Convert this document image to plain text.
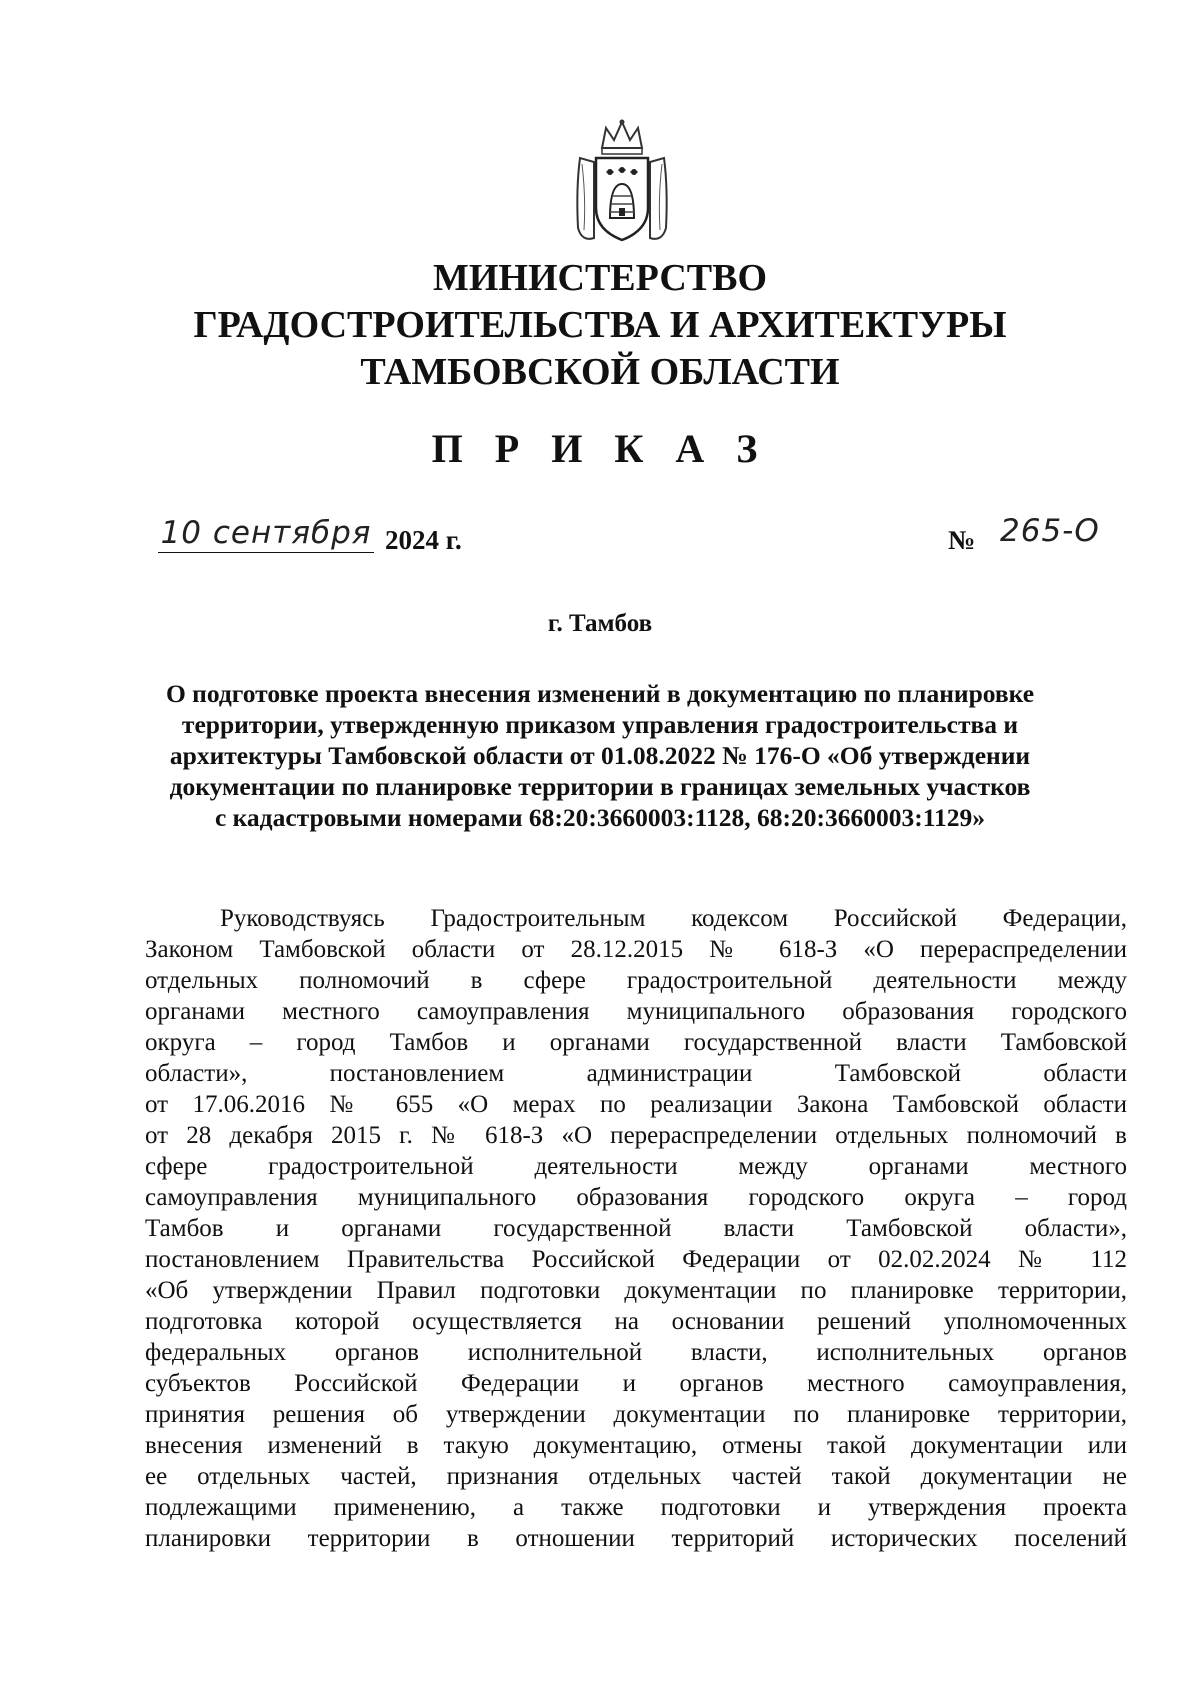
МИНИСТЕРСТВО
ГРАДОСТРОИТЕЛЬСТВА И АРХИТЕКТУРЫ
ТАМБОВСКОЙ ОБЛАСТИ
П Р И К А З
10 сентября 2024 г.	№ 265-О
г. Тамбов
О подготовке проекта внесения изменений в документацию по планировке
территории, утвержденную приказом управления градостроительства и
архитектуры Тамбовской области от 01.08.2022 № 176-О «Об утверждении
документации по планировке территории в границах земельных участков
с кадастровыми номерами 68:20:3660003:1128, 68:20:3660003:1129»
Руководствуясь Градостроительным кодексом Российской Федерации,
Законом Тамбовской области от 28.12.2015 № 618-З «О перераспределении
отдельных полномочий в сфере градостроительной деятельности между
органами местного самоуправления муниципального образования городского
округа – город Тамбов и органами государственной власти Тамбовской
области», постановлением администрации Тамбовской области
от 17.06.2016 № 655 «О мерах по реализации Закона Тамбовской области
от 28 декабря 2015 г. № 618-З «О перераспределении отдельных полномочий в
сфере градостроительной деятельности между органами местного
самоуправления муниципального образования городского округа – город
Тамбов и органами государственной власти Тамбовской области»,
постановлением Правительства Российской Федерации от 02.02.2024 № 112
«Об утверждении Правил подготовки документации по планировке территории,
подготовка которой осуществляется на основании решений уполномоченных
федеральных органов исполнительной власти, исполнительных органов
субъектов Российской Федерации и органов местного самоуправления,
принятия решения об утверждении документации по планировке территории,
внесения изменений в такую документацию, отмены такой документации или
ее отдельных частей, признания отдельных частей такой документации не
подлежащими применению, а также подготовки и утверждения проекта
планировки территории в отношении территорий исторических поселений
